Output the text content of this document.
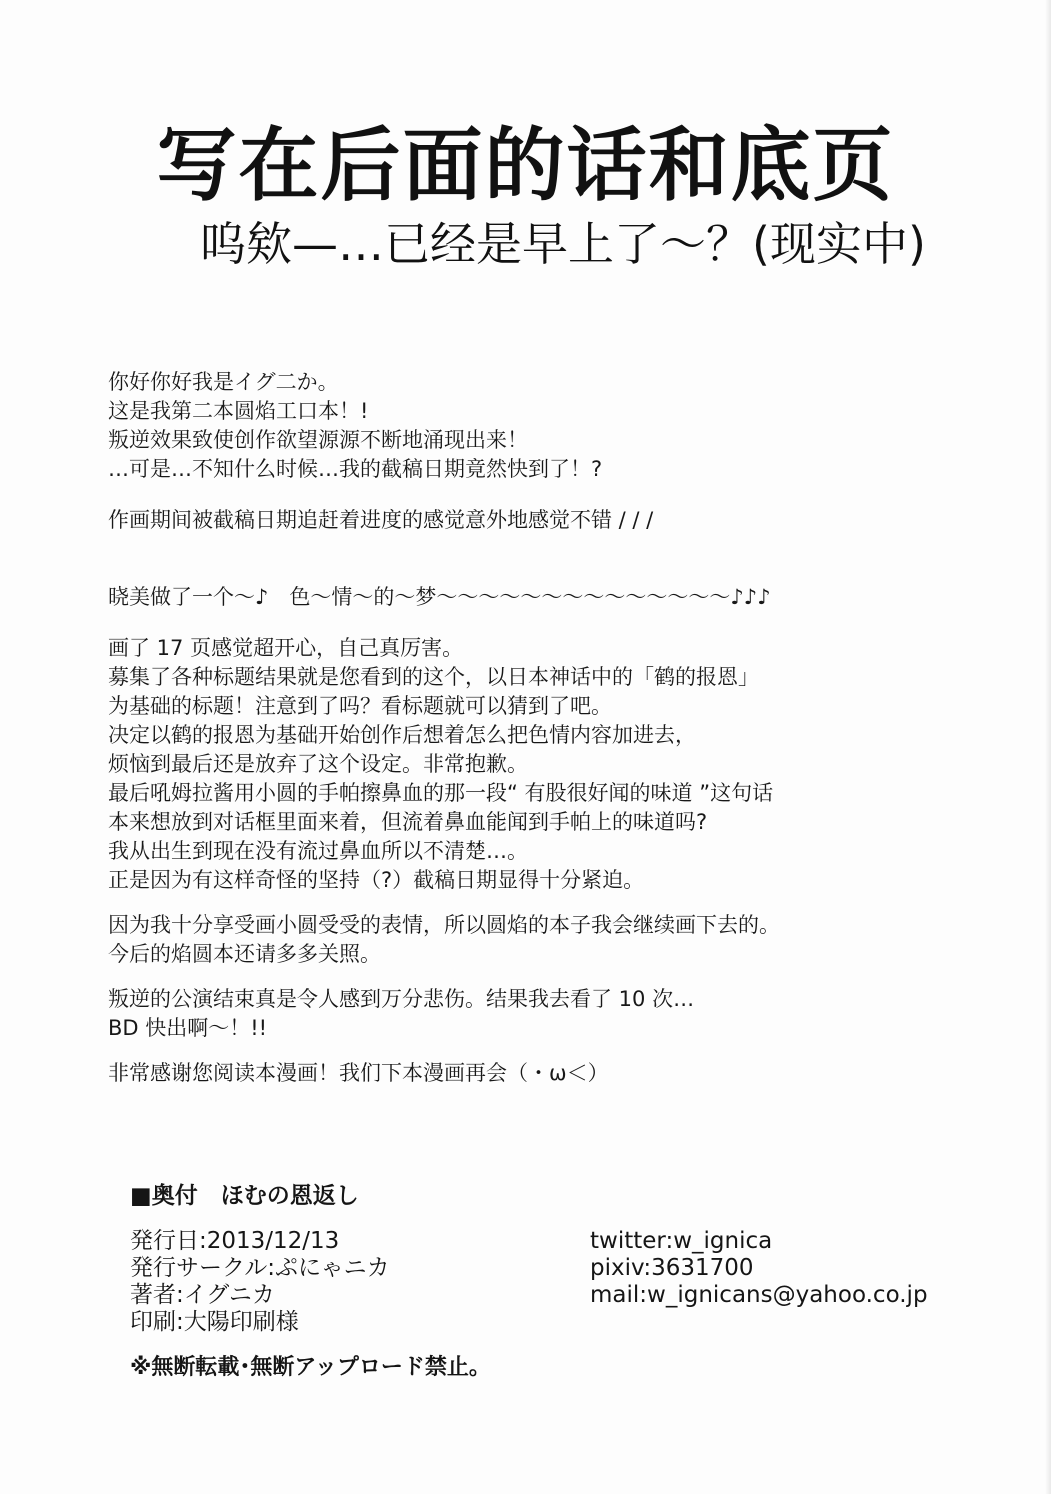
写在后面的话和底页
呜欸—…已经是早上了～？(现实中)
你好你好我是イグ二か。
这是我第二本圆焰工口本！!
叛逆效果致使创作欲望源源不断地涌现出来！
…可是…不知什么时候…我的截稿日期竟然快到了！?
作画期间被截稿日期追赶着进度的感觉意外地感觉不错 / / /
晓美做了一个～♪　色～情～的～梦～～～～～～～～～～～～～～♪♪♪
画了 17 页感觉超开心，自己真厉害。
募集了各种标题结果就是您看到的这个，以日本神话中的「鹤的报恩」
为基础的标题！注意到了吗？看标题就可以猜到了吧。
决定以鹤的报恩为基础开始创作后想着怎么把色情内容加进去，
烦恼到最后还是放弃了这个设定。非常抱歉。
最后吼姆拉酱用小圆的手帕擦鼻血的那一段“ 有股很好闻的味道 ”这句话
本来想放到对话框里面来着，但流着鼻血能闻到手帕上的味道吗?
我从出生到现在没有流过鼻血所以不清楚…。
正是因为有这样奇怪的坚持（?）截稿日期显得十分紧迫。
因为我十分享受画小圆受受的表情，所以圆焰的本子我会继续画下去的。
今后的焰圆本还请多多关照。
叛逆的公演结束真是令人感到万分悲伤。结果我去看了 10 次…
BD 快出啊～！!!
非常感谢您阅读本漫画！我们下本漫画再会（・ω＜）
■奥付　ほむの恩返し
発行日:2013/12/13
発行サークル:ぷにゃニカ
著者:イグニカ
印刷:大陽印刷様
twitter:w_ignica
pixiv:3631700
mail:w_ignicans@yahoo.co.jp
※無断転載･無断アップロード禁止。
